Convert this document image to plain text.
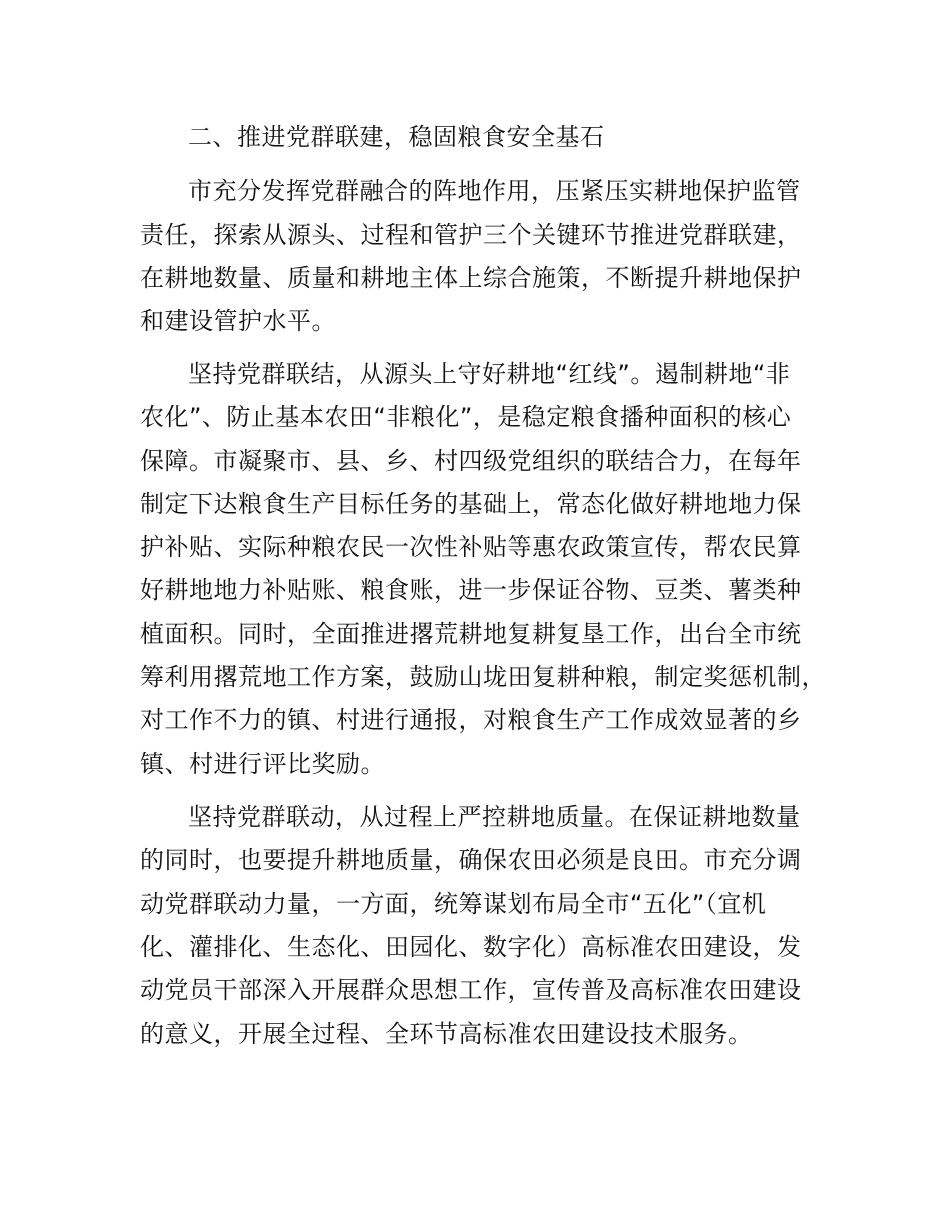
二、推进党群联建，稳固粮食安全基石
市充分发挥党群融合的阵地作用，压紧压实耕地保护监管
责任，探索从源头、过程和管护三个关键环节推进党群联建，
在耕地数量、质量和耕地主体上综合施策，不断提升耕地保护
和建设管护水平。
坚持党群联结，从源头上守好耕地“红线”。遏制耕地“非
农化”、防止基本农田“非粮化”，是稳定粮食播种面积的核心
保障。市凝聚市、县、乡、村四级党组织的联结合力，在每年
制定下达粮食生产目标任务的基础上，常态化做好耕地地力保
护补贴、实际种粮农民一次性补贴等惠农政策宣传，帮农民算
好耕地地力补贴账、粮食账，进一步保证谷物、豆类、薯类种
植面积。同时，全面推进撂荒耕地复耕复垦工作，出台全市统
筹利用撂荒地工作方案，鼓励山垅田复耕种粮，制定奖惩机制，
对工作不力的镇、村进行通报，对粮食生产工作成效显著的乡
镇、村进行评比奖励。
坚持党群联动，从过程上严控耕地质量。在保证耕地数量
的同时，也要提升耕地质量，确保农田必须是良田。市充分调
动党群联动力量，一方面，统筹谋划布局全市“五化”（宜机
化、灌排化、生态化、田园化、数字化）高标准农田建设，发
动党员干部深入开展群众思想工作，宣传普及高标准农田建设
的意义，开展全过程、全环节高标准农田建设技术服务。
